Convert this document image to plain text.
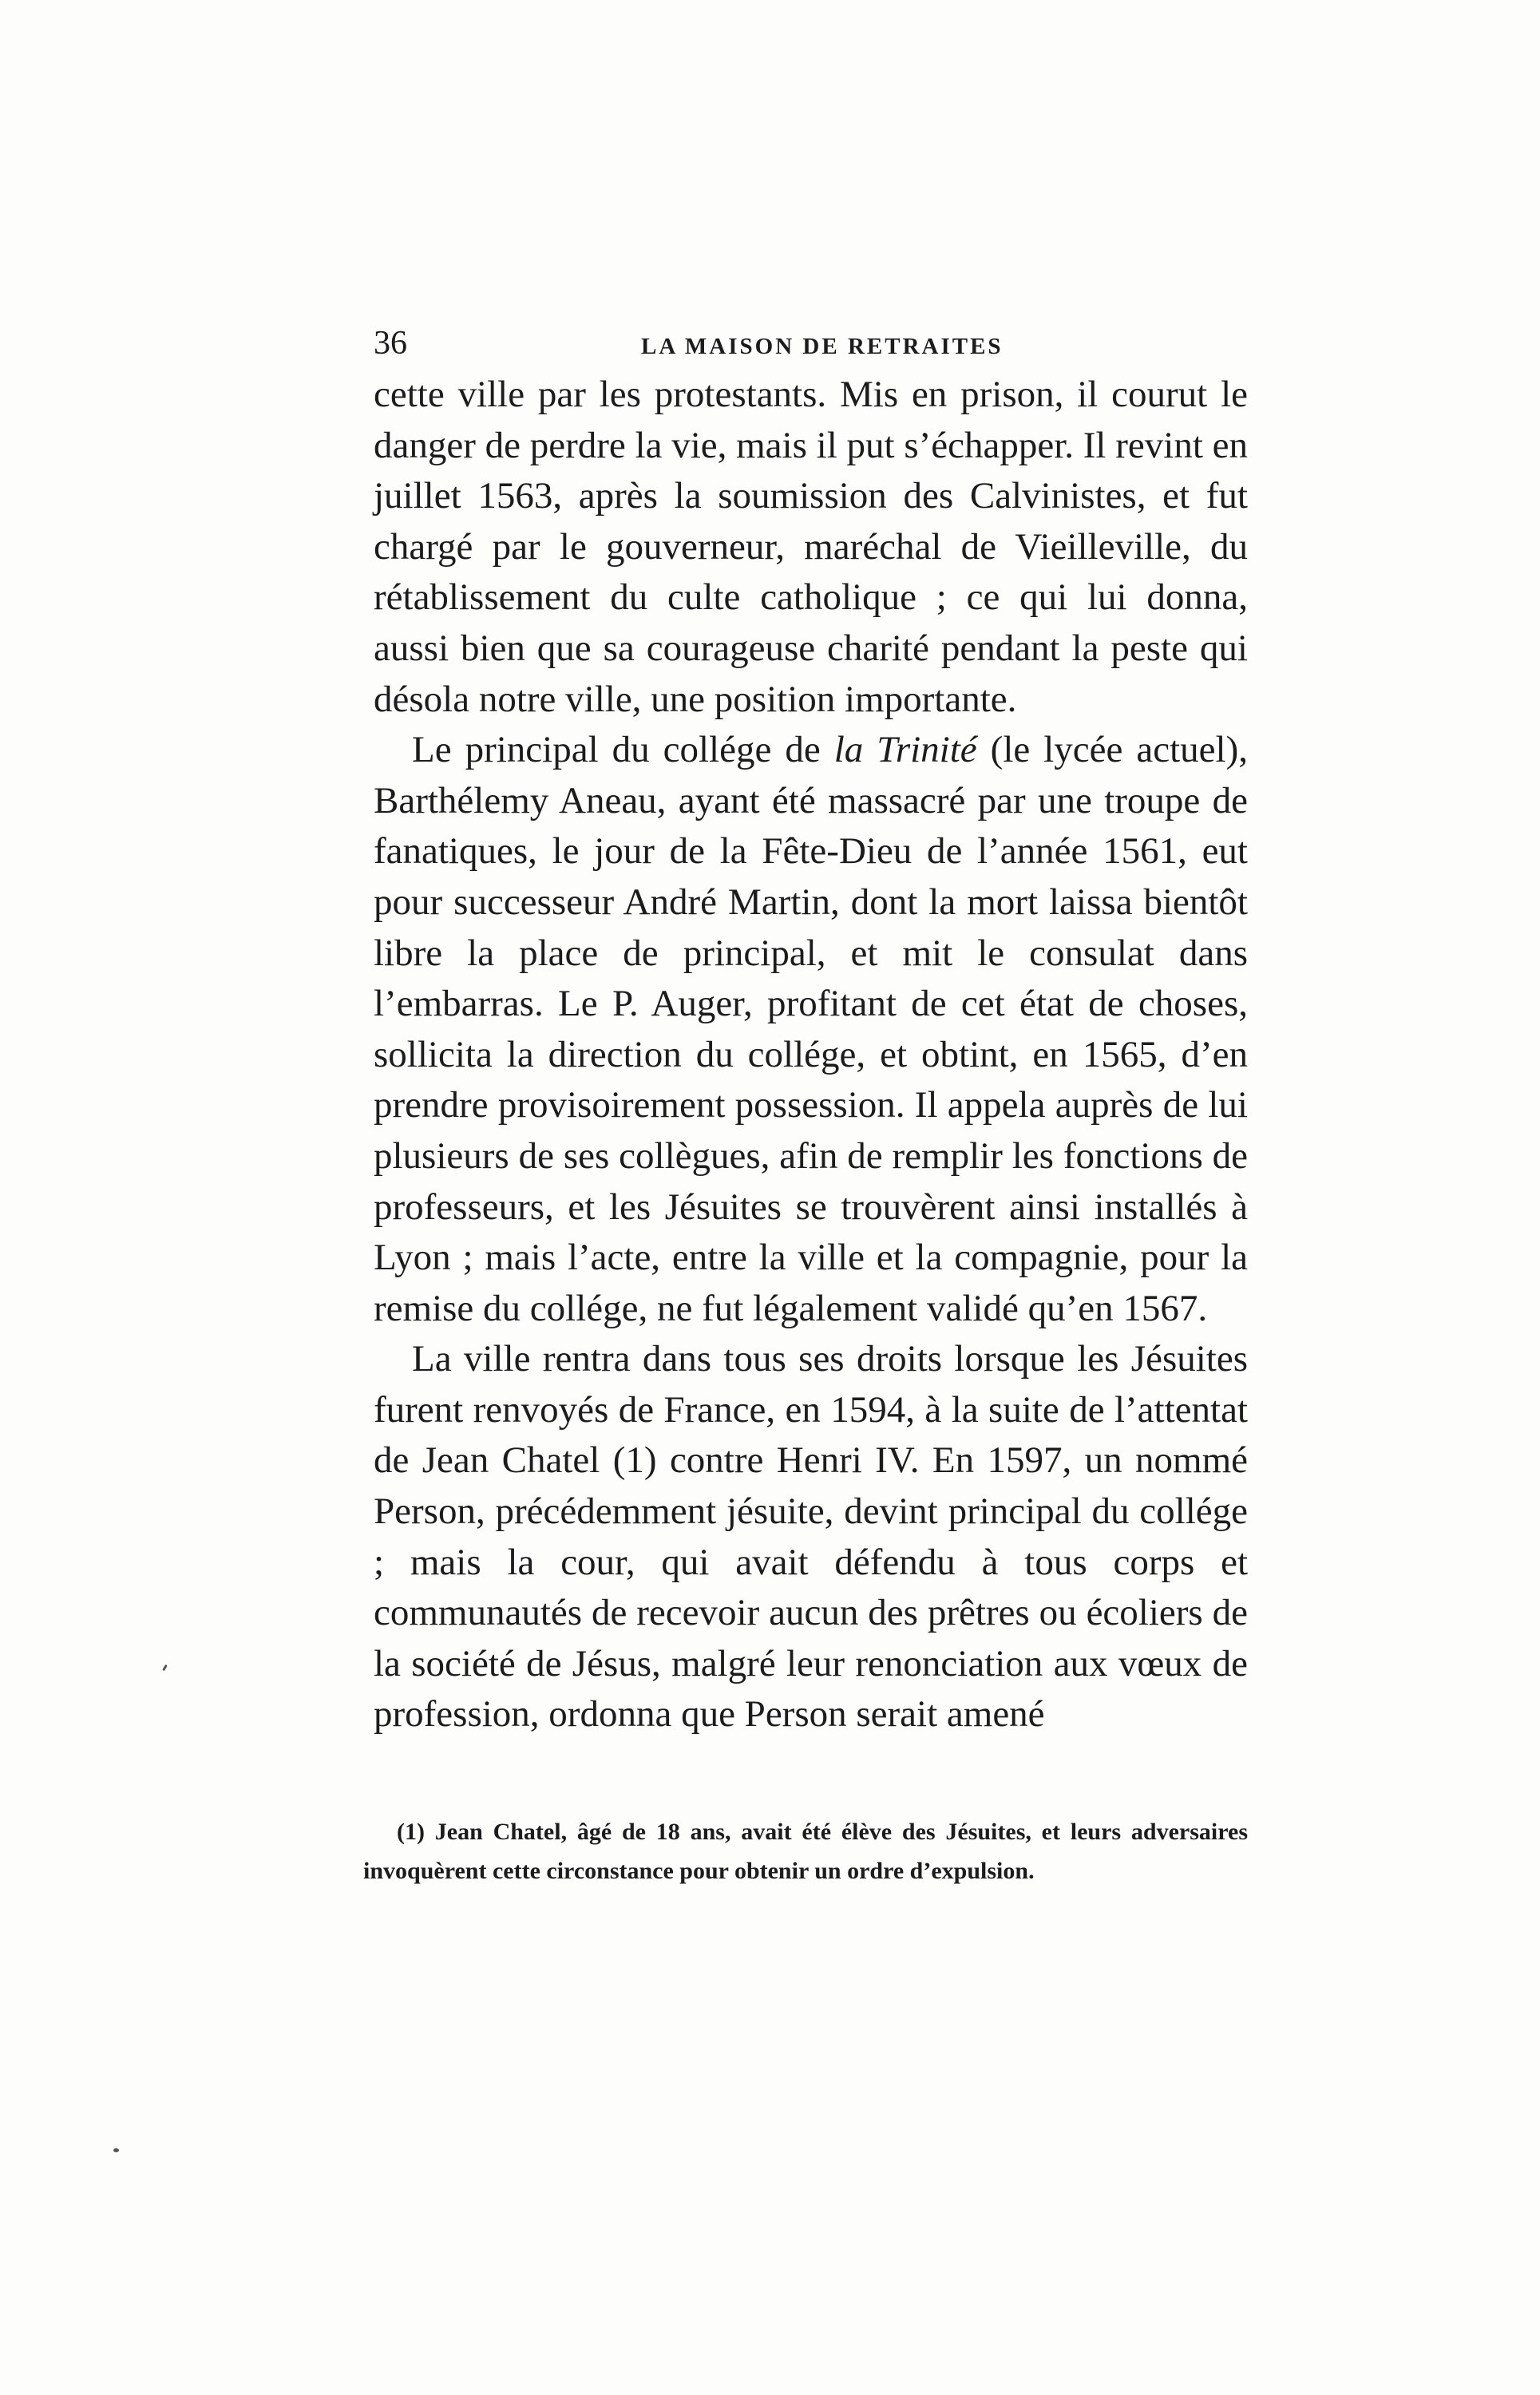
36	LA MAISON DE RETRAITES

cette ville par les protestants. Mis en prison, il courut le danger de perdre la vie, mais il put s’échapper. Il revint en juillet 1563, après la soumission des Calvinistes, et fut chargé par le gouverneur, maréchal de Vieilleville, du rétablissement du culte catholique ; ce qui lui donna, aussi bien que sa courageuse charité pendant la peste qui désola notre ville, une position importante.

Le principal du collége de la Trinité (le lycée actuel), Barthélemy Aneau, ayant été massacré par une troupe de fanatiques, le jour de la Fête-Dieu de l’année 1561, eut pour successeur André Martin, dont la mort laissa bientôt libre la place de principal, et mit le consulat dans l’embarras. Le P. Auger, profitant de cet état de choses, sollicita la direction du collége, et obtint, en 1565, d’en prendre provisoirement possession. Il appela auprès de lui plusieurs de ses collègues, afin de remplir les fonctions de professeurs, et les Jésuites se trouvèrent ainsi installés à Lyon ; mais l’acte, entre la ville et la compagnie, pour la remise du collége, ne fut légalement validé qu’en 1567.

La ville rentra dans tous ses droits lorsque les Jésuites furent renvoyés de France, en 1594, à la suite de l’attentat de Jean Chatel (1) contre Henri IV. En 1597, un nommé Person, précédemment jésuite, devint principal du collége ; mais la cour, qui avait défendu à tous corps et communautés de recevoir aucun des prêtres ou écoliers de la société de Jésus, malgré leur renonciation aux vœux de profession, ordonna que Person serait amené

(1) Jean Chatel, âgé de 18 ans, avait été élève des Jésuites, et leurs adversaires invoquèrent cette circonstance pour obtenir un ordre d’expulsion.
